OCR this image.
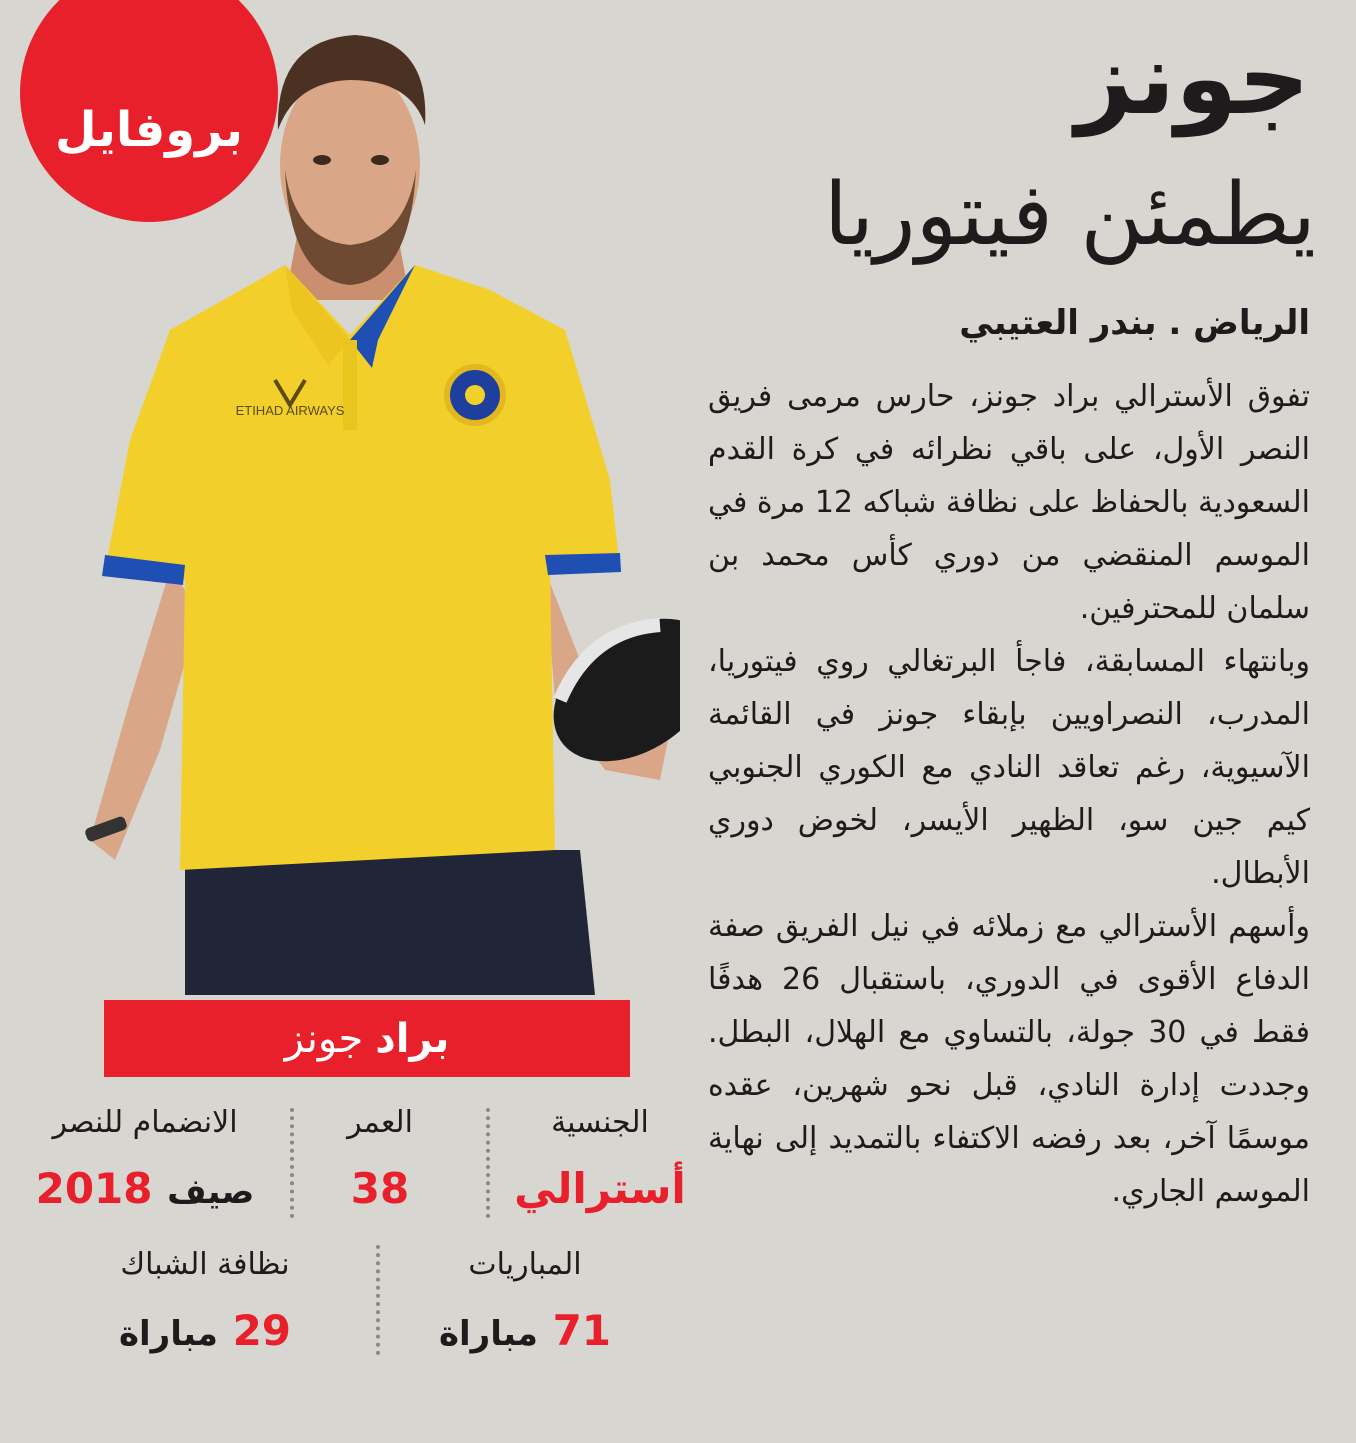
بروفايل
ETIHAD AIRWAYS
جونز
يطمئن فيتوريا
الرياض . بندر العتيبي

تفوق الأسترالي براد جونز، حارس مرمى فريق النصر الأول، على باقي نظرائه في كرة القدم السعودية بالحفاظ على نظافة شباكه 12 مرة في الموسم المنقضي من دوري كأس محمد بن سلمان للمحترفين.

وبانتهاء المسابقة، فاجأ البرتغالي روي فيتوريا، المدرب، النصراويين بإبقاء جونز في القائمة الآسيوية، رغم تعاقد النادي مع الكوري الجنوبي كيم جين سو، الظهير الأيسر، لخوض دوري الأبطال.

وأسهم الأسترالي مع زملائه في نيل الفريق صفة الدفاع الأقوى في الدوري، باستقبال 26 هدفًا فقط في 30 جولة، بالتساوي مع الهلال، البطل. وجددت إدارة النادي، قبل نحو شهرين، عقده موسمًا آخر، بعد رفضه الاكتفاء بالتمديد إلى نهاية الموسم الجاري.

براد
جونز
الجنسية
أسترالي
العمر
38
الانضمام للنصر
صيف 2018
المباريات
71 مباراة
نظافة الشباك
29 مباراة
